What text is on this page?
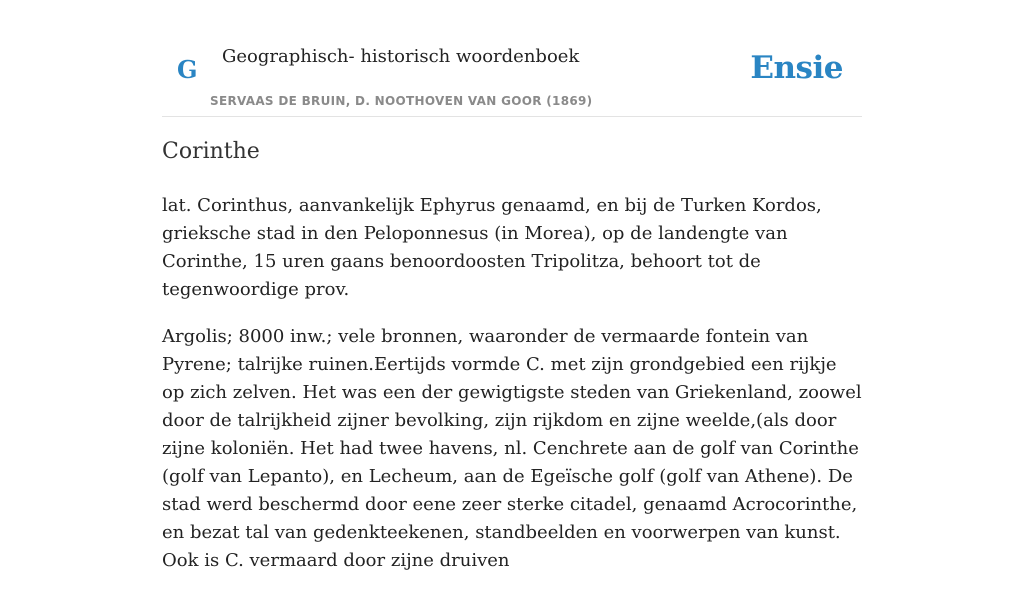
G Geographisch- historisch woordenboek
SERVAAS DE BRUIN, D. NOOTHOVEN VAN GOOR (1869)
Ensie
Corinthe

lat. Corinthus, aanvankelijk Ephyrus genaamd, en bij de Turken Kordos, grieksche stad in den Peloponnesus (in Morea), op de landengte van Corinthe, 15 uren gaans benoordoosten Tripolitza, behoort tot de tegenwoordige prov.

Argolis; 8000 inw.; vele bronnen, waaronder de vermaarde fontein van Pyrene; talrijke ruinen.Eertijds vormde C. met zijn grondgebied een rijkje op zich zelven. Het was een der gewigtigste steden van Griekenland, zoowel door de talrijkheid zijner bevolking, zijn rijkdom en zijne weelde,(als door zijne koloniën. Het had twee havens, nl. Cenchrete aan de golf van Corinthe (golf van Lepanto), en Lecheum, aan de Egeïsche golf (golf van Athene). De stad werd beschermd door eene zeer sterke citadel, genaamd Acrocorinthe, en bezat tal van gedenkteekenen, standbeelden en voorwerpen van kunst. Ook is C. vermaard door zijne druiven
